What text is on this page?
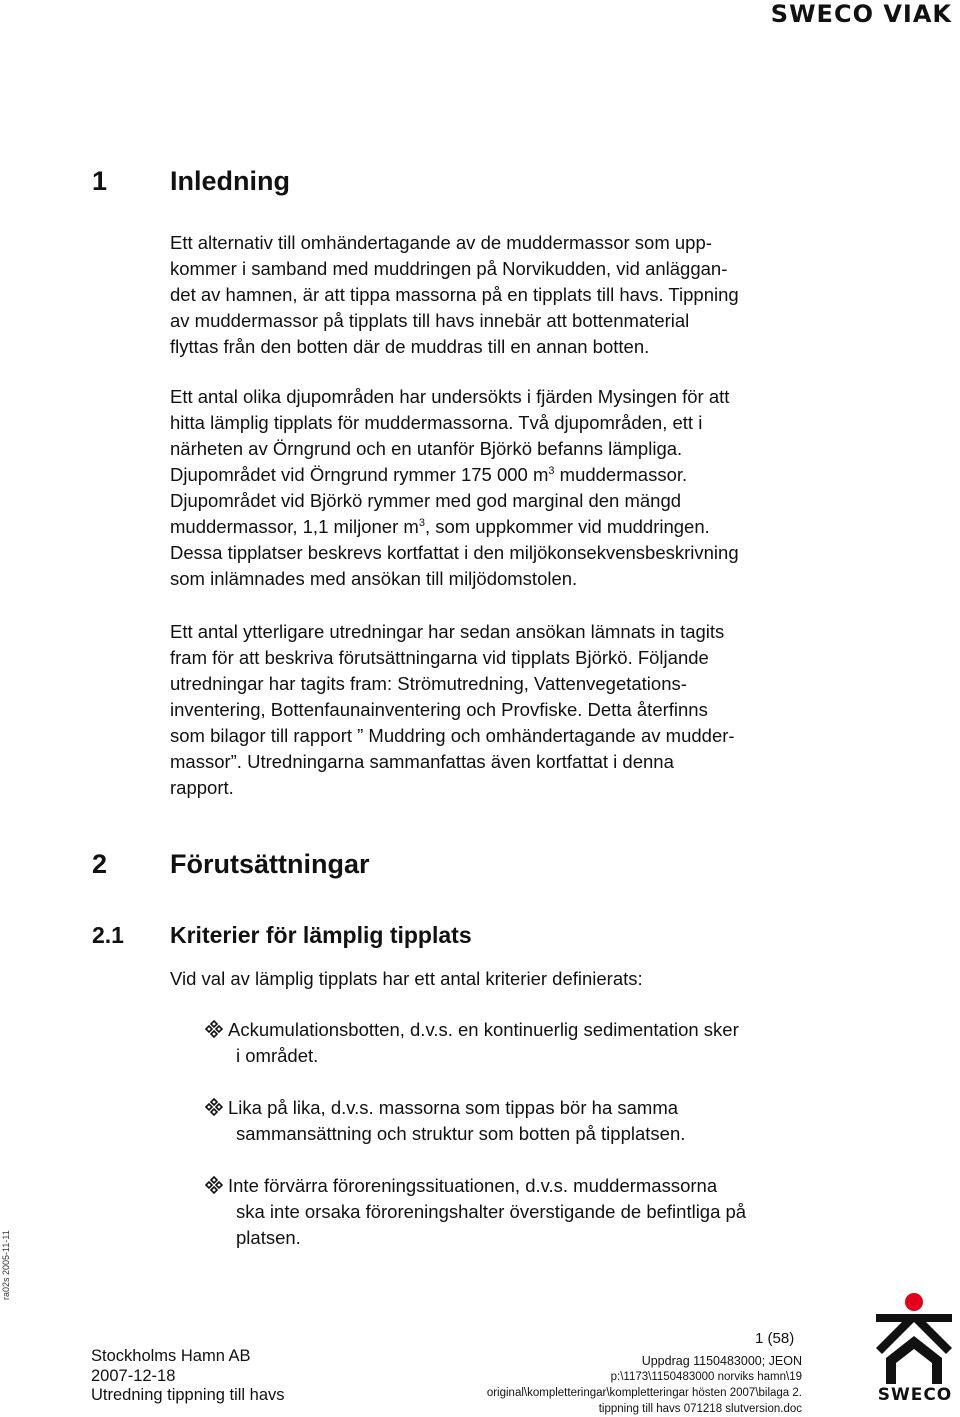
SWECO VIAK
ra02s 2005-11-11
1 Inledning

Ett alternativ till omhändertagande av de muddermassor som upp-
kommer i samband med muddringen på Norvikudden, vid anläggan-
det av hamnen, är att tippa massorna på en tipplats till havs. Tippning
av muddermassor på tipplats till havs innebär att bottenmaterial
flyttas från den botten där de muddras till en annan botten.

Ett antal olika djupområden har undersökts i fjärden Mysingen för att
hitta lämplig tipplats för muddermassorna. Två djupområden, ett i
närheten av Örngrund och en utanför Björkö befanns lämpliga.
Djupområdet vid Örngrund rymmer 175 000 $m^3$ muddermassor.
Djupområdet vid Björkö rymmer med god marginal den mängd
muddermassor, 1,1 miljoner $m^3$, som uppkommer vid muddringen.
Dessa tipplatser beskrevs kortfattat i den miljökonsekvensbeskrivning
som inlämnades med ansökan till miljödomstolen.

Ett antal ytterligare utredningar har sedan ansökan lämnats in tagits
fram för att beskriva förutsättningarna vid tipplats Björkö. Följande
utredningar har tagits fram: Strömutredning, Vattenvegetations-
inventering, Bottenfaunainventering och Provfiske. Detta återfinns
som bilagor till rapport ” Muddring och omhändertagande av mudder-
massor”. Utredningarna sammanfattas även kortfattat i denna
rapport.

2 Förutsättningar
2.1 Kriterier för lämplig tipplats

Vid val av lämplig tipplats har ett antal kriterier definierats:

Ackumulationsbotten, d.v.s. en kontinuerlig sedimentation sker
i området.
Lika på lika, d.v.s. massorna som tippas bör ha samma
sammansättning och struktur som botten på tipplatsen.
Inte förvärra föroreningssituationen, d.v.s. muddermassorna
ska inte orsaka föroreningshalter överstigande de befintliga på
platsen.
1 (58)
Stockholms Hamn AB
2007-12-18
Utredning tippning till havs
Uppdrag 1150483000; JEON
p:\1173\1150483000 norviks hamn\19
original\kompletteringar\kompletteringar hösten 2007\bilaga 2.
tippning till havs 071218 slutversion.doc
SWECO
